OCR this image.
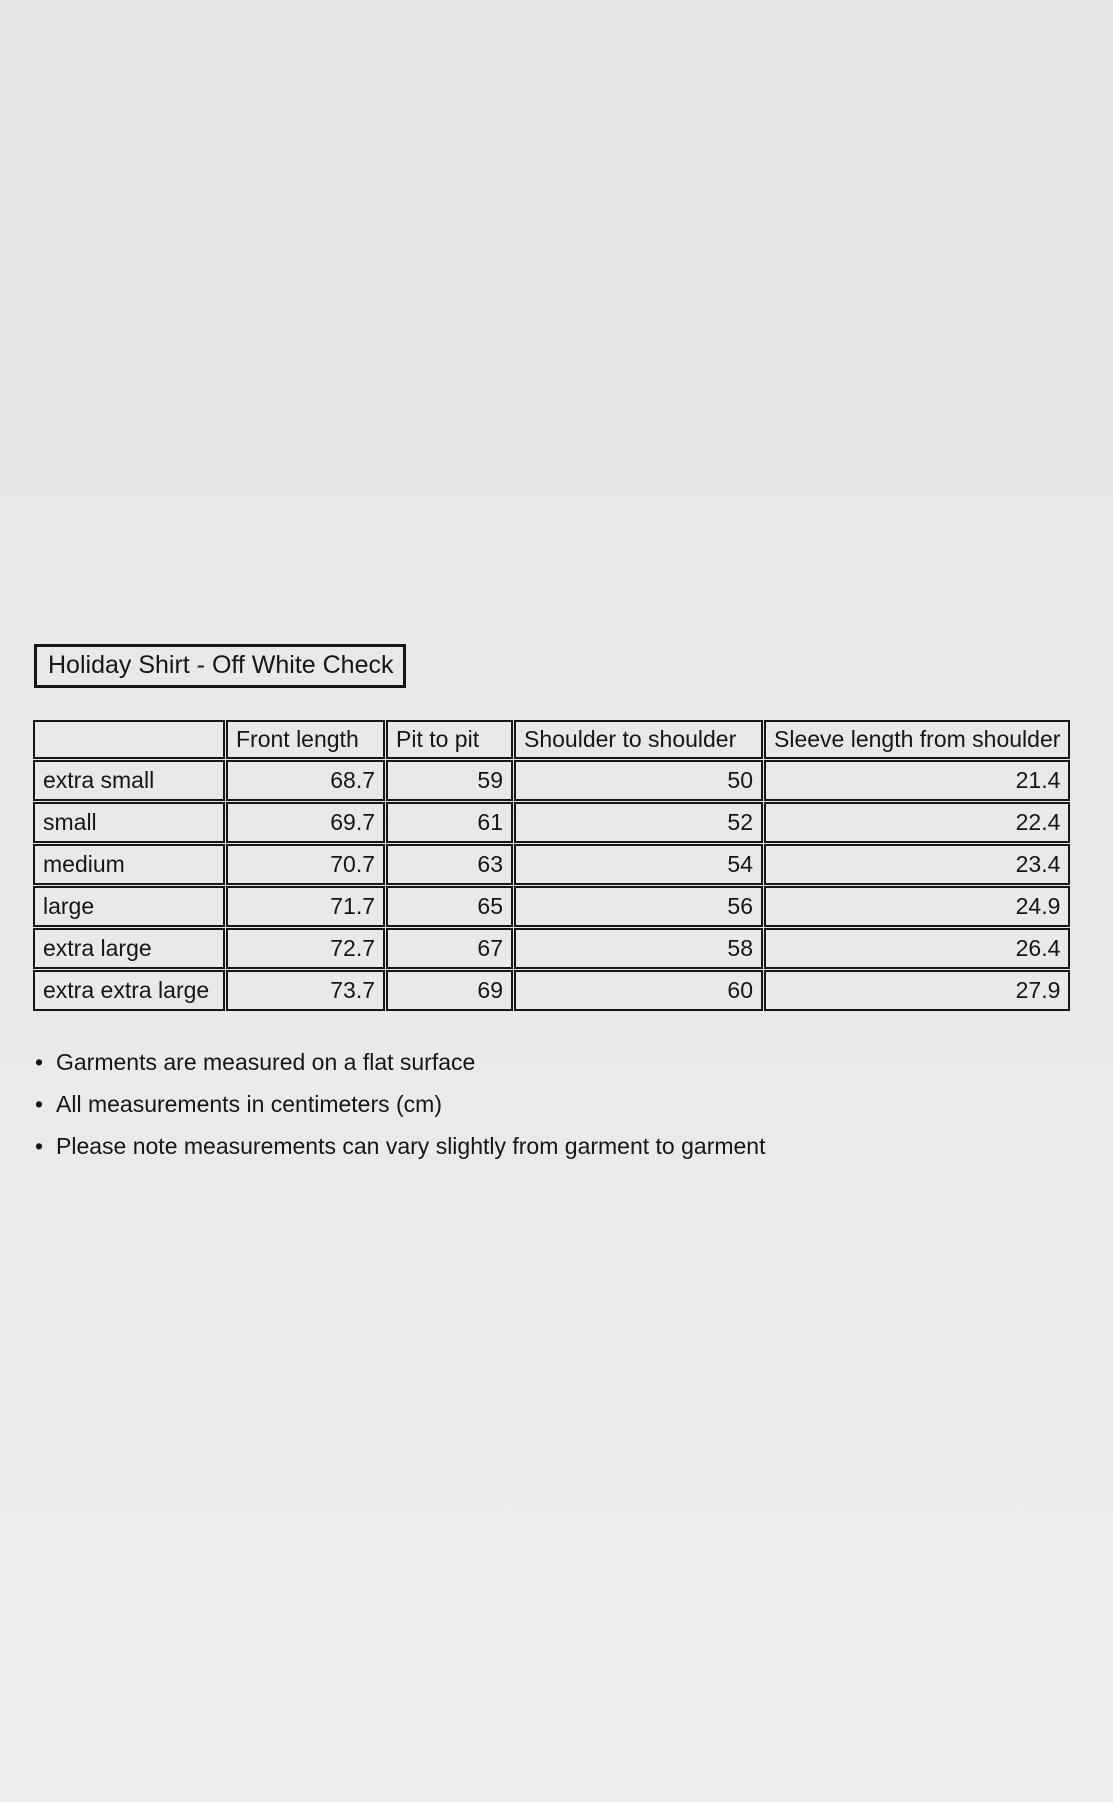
Holiday Shirt - Off White Check
	Front length	Pit to pit	Shoulder to shoulder	Sleeve length from shoulder
extra small	68.7	59	50	21.4
small	69.7	61	52	22.4
medium	70.7	63	54	23.4
large	71.7	65	56	24.9
extra large	72.7	67	58	26.4
extra extra large	73.7	69	60	27.9
• Garments are measured on a flat surface
• All measurements in centimeters (cm)
• Please note measurements can vary slightly from garment to garment
